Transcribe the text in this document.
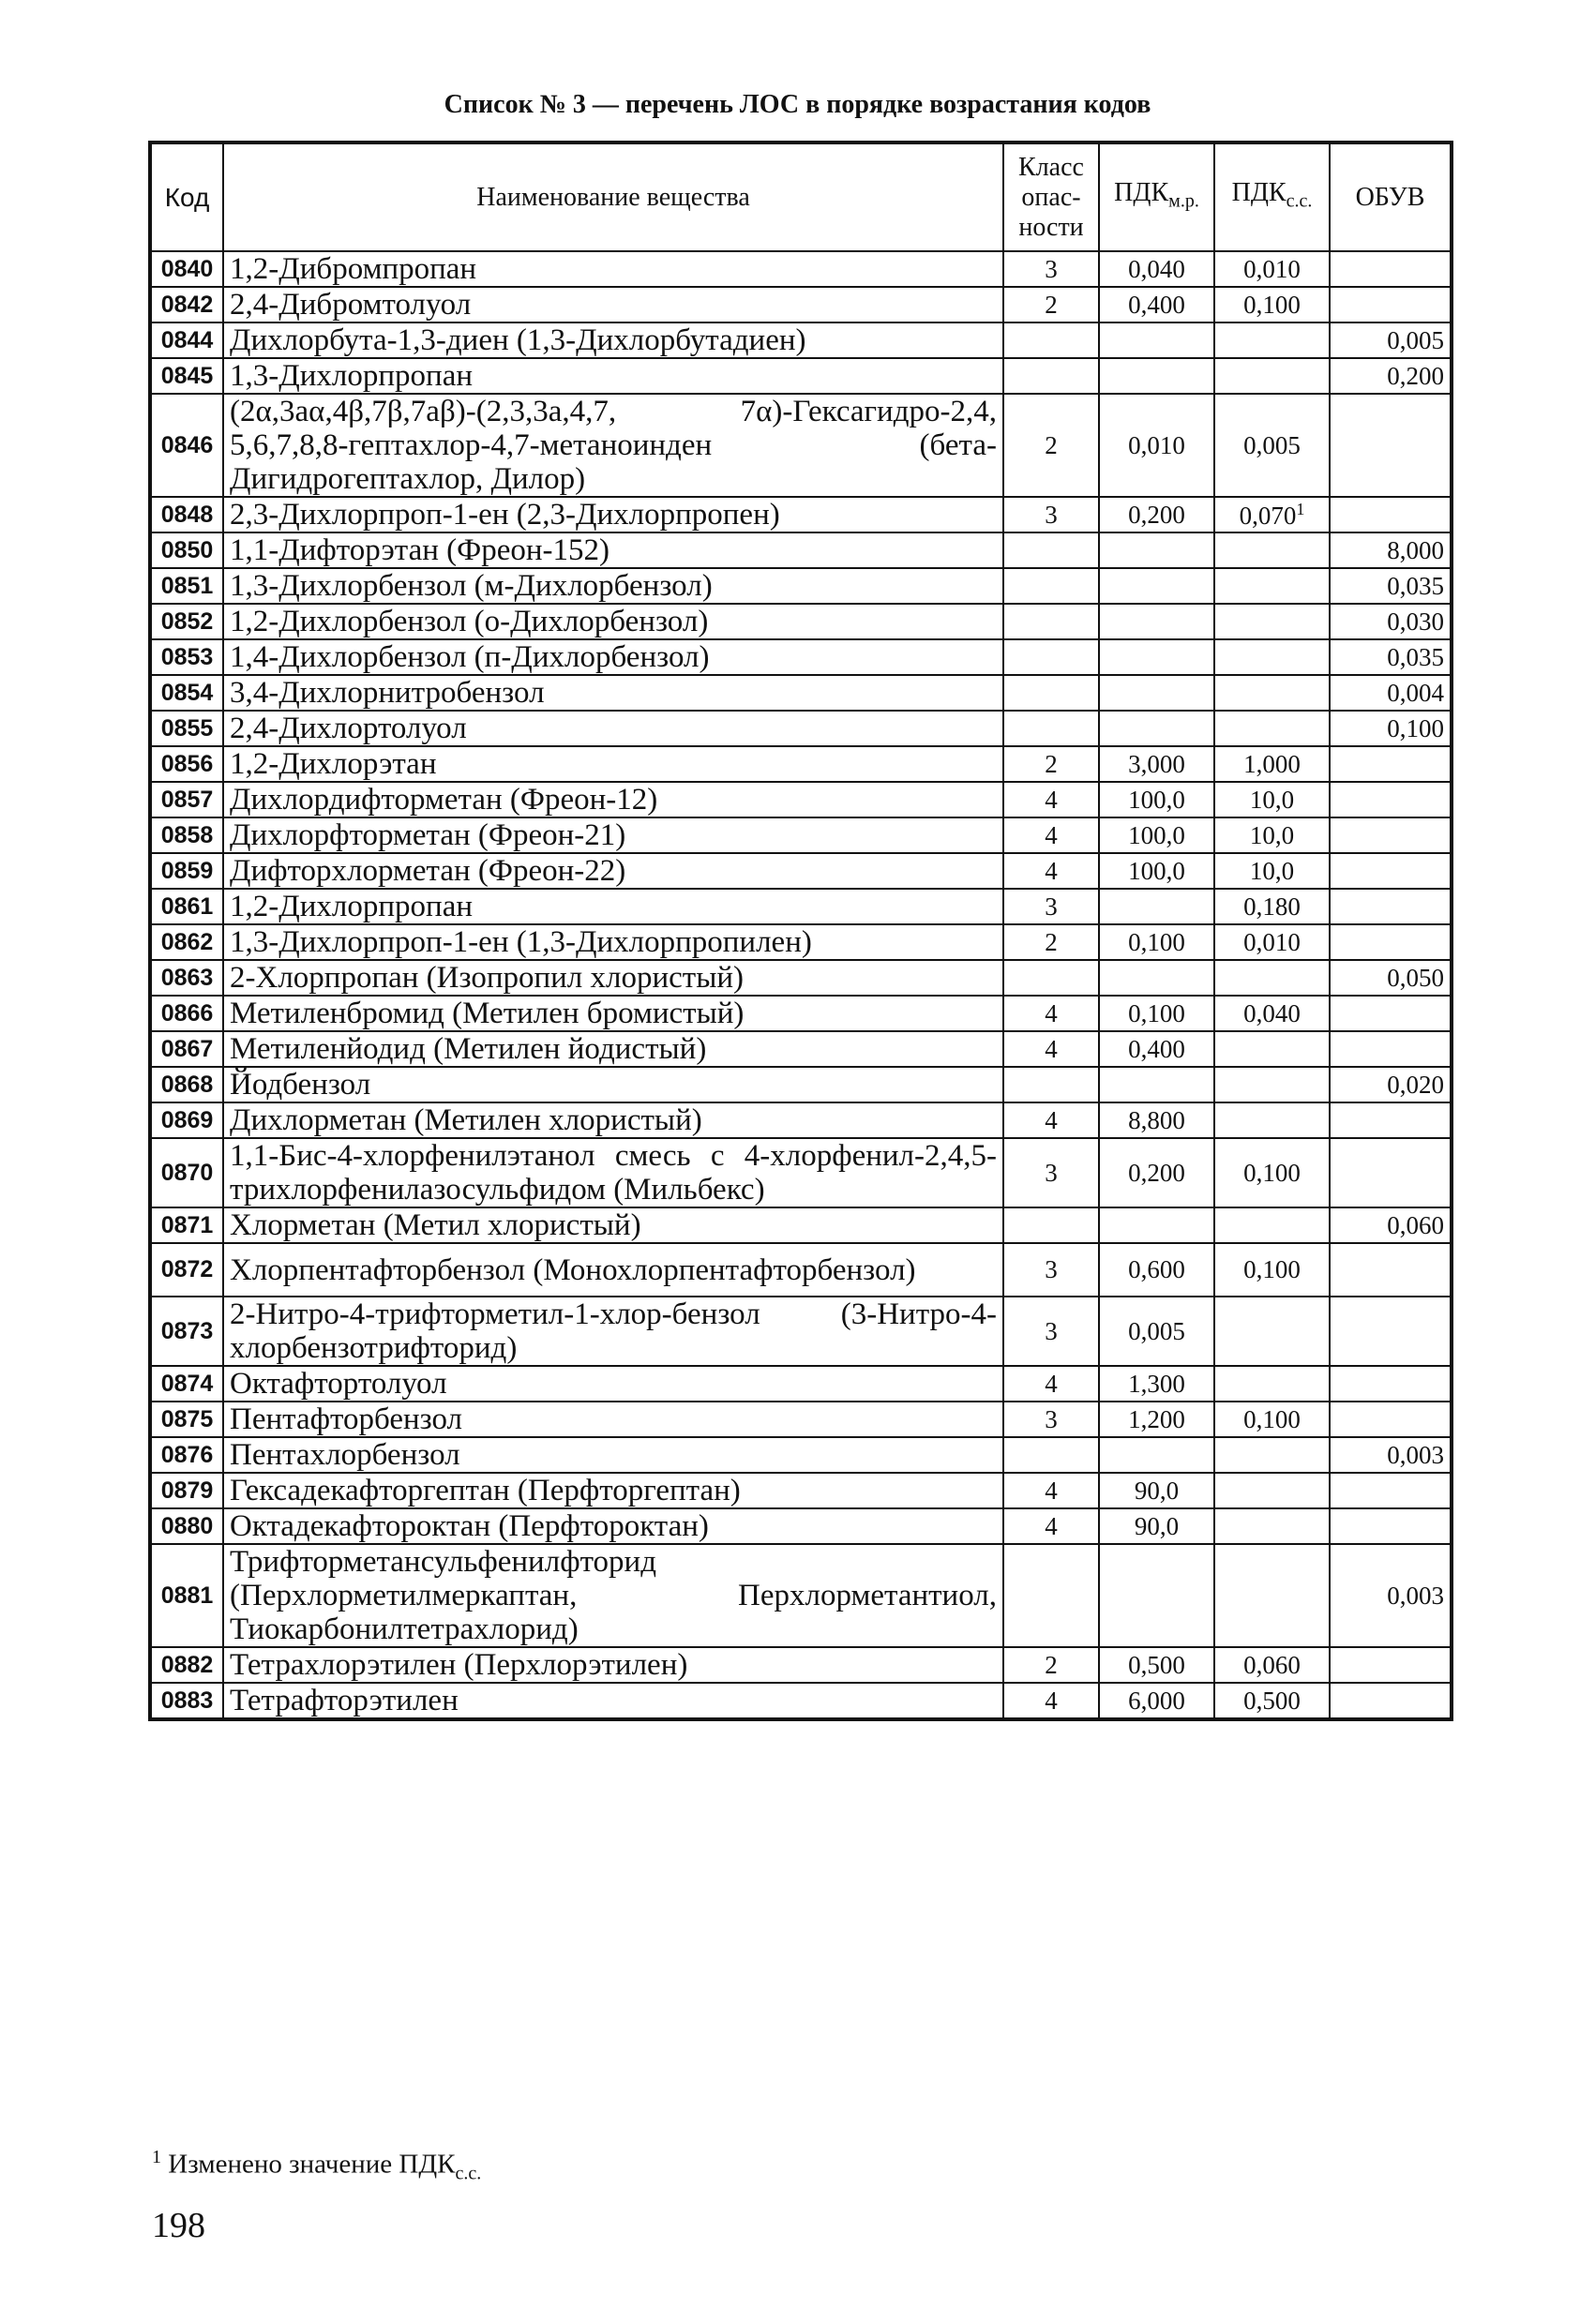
Список № 3 — перечень ЛОС в порядке возрастания кодов
Код	Наименование вещества	Класс
опас-
ности	$ПДК_{м.р.}$	$ПДК_{с.с.}$	ОБУВ
0840	1,2-Дибромпропан	3	0,040	0,010	
0842	2,4-Дибромтолуол	2	0,400	0,100	
0844	Дихлорбута-1,3-диен (1,3-Дихлорбутадиен)				0,005
0845	1,3-Дихлорпропан				0,200
0846	(2α,3aα,4β,7β,7aβ)-(2,3,3a,4,7, 7α)-Гексагидро-2,4, 5,6,7,8,8-гептахлор-4,7-метаноинден (бета-Дигидрогептахлор, Дилор)	2	0,010	0,005	
0848	2,3-Дихлорпроп-1-ен (2,3-Дихлорпропен)	3	0,200	0,070$^1$	
0850	1,1-Дифторэтан (Фреон-152)				8,000
0851	1,3-Дихлорбензол (м-Дихлорбензол)				0,035
0852	1,2-Дихлорбензол (о-Дихлорбензол)				0,030
0853	1,4-Дихлорбензол (п-Дихлорбензол)				0,035
0854	3,4-Дихлорнитробензол				0,004
0855	2,4-Дихлортолуол				0,100
0856	1,2-Дихлорэтан	2	3,000	1,000	
0857	Дихлордифторметан (Фреон-12)	4	100,0	10,0	
0858	Дихлорфторметан (Фреон-21)	4	100,0	10,0	
0859	Дифторхлорметан (Фреон-22)	4	100,0	10,0	
0861	1,2-Дихлорпропан	3		0,180	
0862	1,3-Дихлорпроп-1-ен (1,3-Дихлорпропилен)	2	0,100	0,010	
0863	2-Хлорпропан (Изопропил хлористый)				0,050
0866	Метиленбромид (Метилен бромистый)	4	0,100	0,040	
0867	Метиленйодид (Метилен йодистый)	4	0,400		
0868	Йодбензол				0,020
0869	Дихлорметан (Метилен хлористый)	4	8,800		
0870	1,1-Бис-4-хлорфенилэтанол смесь с 4-хлорфенил-2,4,5-трихлорфенилазосульфидом (Мильбекс)	3	0,200	0,100	
0871	Хлорметан (Метил хлористый)				0,060
0872	Хлорпентафторбензол (Монохлорпентафторбензол)	3	0,600	0,100	
0873	2-Нитро-4-трифторметил-1-хлор-бензол (3-Нитро-4-хлорбензотрифторид)	3	0,005		
0874	Октафтортолуол	4	1,300		
0875	Пентафторбензол	3	1,200	0,100	
0876	Пентахлорбензол				0,003
0879	Гексадекафторгептан (Перфторгептан)	4	90,0		
0880	Октадекафтороктан (Перфтороктан)	4	90,0		
0881	Трифторметансульфенилфторид (Перхлорметилмеркаптан, Перхлорметантиол, Тиокарбонилтетрахлорид)				0,003
0882	Тетрахлорэтилен (Перхлорэтилен)	2	0,500	0,060	
0883	Тетрафторэтилен	4	6,000	0,500	
$^1$ Изменено значение $ПДК_{с.с.}$
198
